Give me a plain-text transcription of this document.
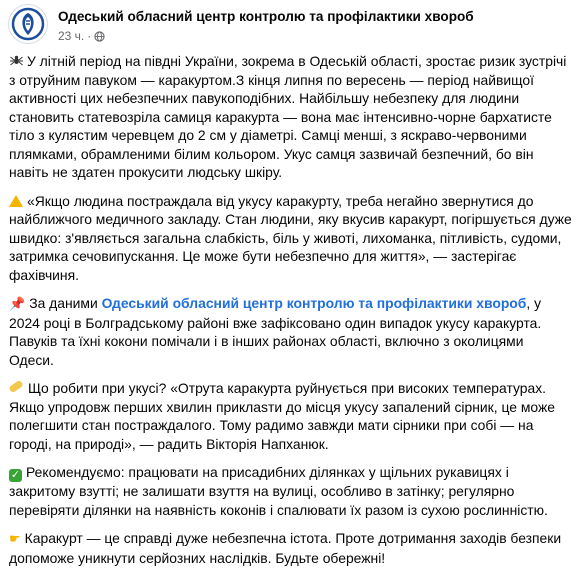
Одеський обласний центр контролю та профілактики хвороб
23 ч. ·

У літній період на півдні України, зокрема в Одеській області, зростає ризик зустрічі з отруйним павуком — каракуртом.З кінця липня по вересень — період найвищої активності цих небезпечних павукоподібних. Найбільшу небезпеку для людини становить статевозріла самиця каракурта — вона має інтенсивно-чорне бархатисте тіло з кулястим черевцем до 2 см у діаметрі. Самці менші, з яскраво-червоними плямками, обрамленими білим кольором. Укус самця зазвичай безпечний, бо він навіть не здатен прокусити людську шкіру.

«Якщо людина постраждала від укусу каракурту, треба негайно звернутися до найближчого медичного закладу. Стан людини, яку вкусив каракурт, погіршується дуже швидко: з'являється загальна слабкість, біль у животі, лихоманка, пітливість, судоми, затримка сечовипускання. Це може бути небезпечно для життя», — застерігає фахівчиня.

📌 За даними Одеський обласний центр контролю та профілактики хвороб, у 2024 році в Болградському районі вже зафіксовано один випадок укусу каракурта. Павуків та їхні кокони помічали і в інших районах області, включно з околицями Одеси.

Що робити при укусі? «Отрута каракурта руйнується при високих температурах. Якщо упродовж перших хвилин приклasти до місця укусу запалений сірник, це може полегшити стан постраждалого. Тому радимо завжди мати сірники при собі — на городі, на природі», — радить Вікторія Напханюк.

✓ Рекомендуємо: працювати на присадибних ділянках у щільних рукавицях і закритому взутті; не залишати взуття на вулиці, особливо в затінку; регулярно перевіряти ділянки на наявність коконів і спалювати їх разом із сухою рослинністю.

☛ Каракурт — це справді дуже небезпечна істота. Проте дотримання заходів безпеки допоможе уникнути серйозних наслідків. Будьте обережні!
